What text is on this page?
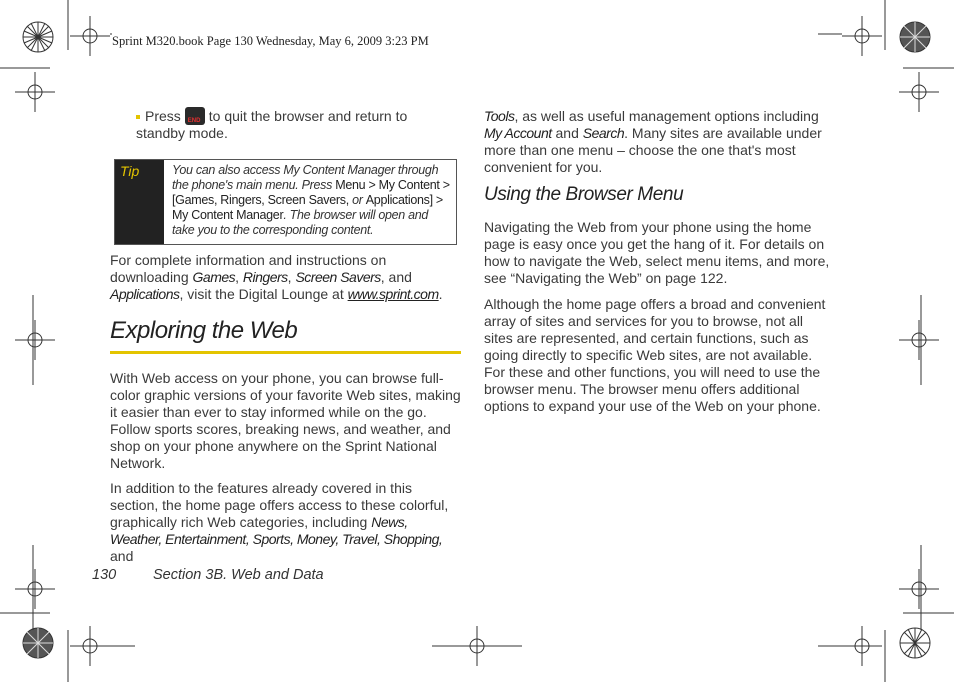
Sprint M320.book Page 130 Wednesday, May 6, 2009 3:23 PM

Press END to quit the browser and return to standby mode.

Tip	You can also access My Content Manager through the phone's main menu. Press Menu > My Content > [Games, Ringers, Screen Savers, or Applications] > My Content Manager. The browser will open and take you to the corresponding content.

For complete information and instructions on downloading Games, Ringers, Screen Savers, and Applications, visit the Digital Lounge at www.sprint.com.

Exploring the Web

With Web access on your phone, you can browse full-color graphic versions of your favorite Web sites, making it easier than ever to stay informed while on the go. Follow sports scores, breaking news, and weather, and shop on your phone anywhere on the Sprint National Network.

In addition to the features already covered in this section, the home page offers access to these colorful, graphically rich Web categories, including News, Weather, Entertainment, Sports, Money, Travel, Shopping, and

Tools, as well as useful management options including My Account and Search. Many sites are available under more than one menu – choose the one that's most convenient for you.

Using the Browser Menu

Navigating the Web from your phone using the home page is easy once you get the hang of it. For details on how to navigate the Web, select menu items, and more, see “Navigating the Web” on page 122.

Although the home page offers a broad and convenient array of sites and services for you to browse, not all sites are represented, and certain functions, such as going directly to specific Web sites, are not available. For these and other functions, you will need to use the browser menu. The browser menu offers additional options to expand your use of the Web on your phone.

130	Section 3B. Web and Data
